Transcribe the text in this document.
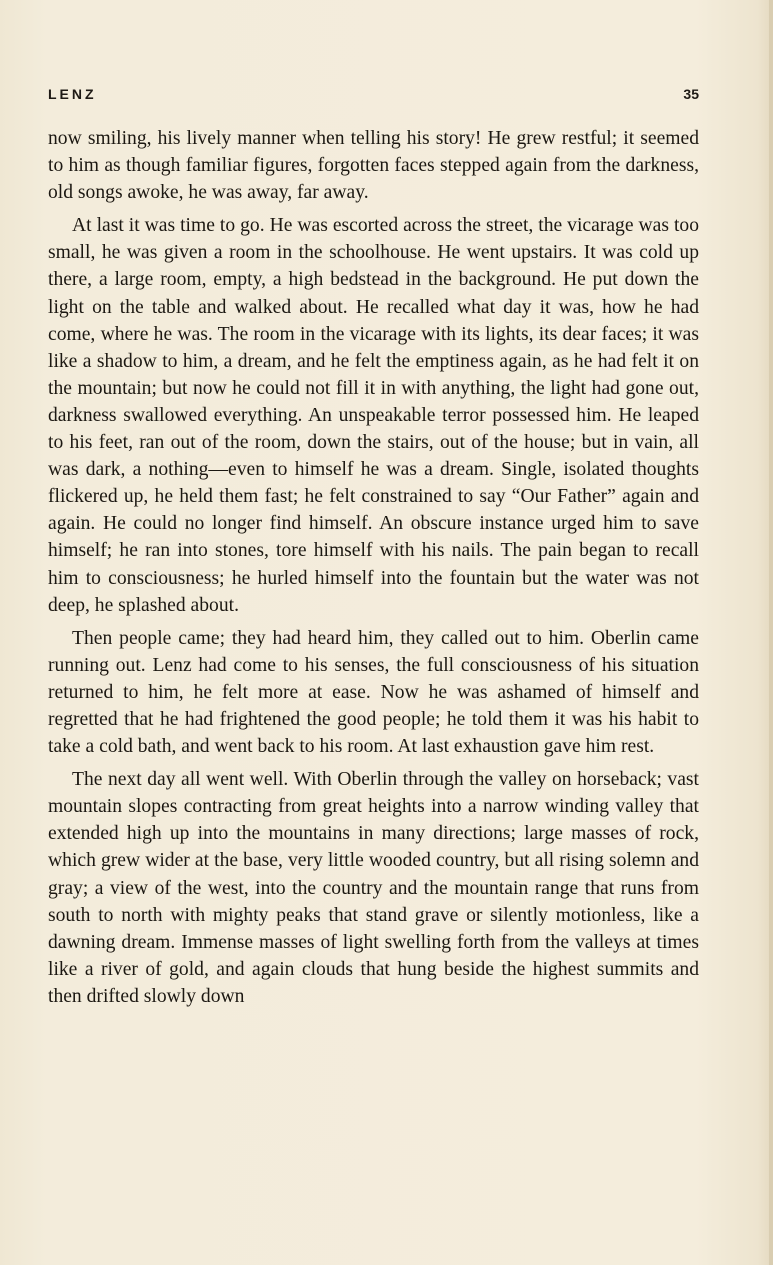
LENZ	35

now smiling, his lively manner when telling his story! He grew restful; it seemed to him as though familiar figures, forgotten faces stepped again from the darkness, old songs awoke, he was away, far away.

At last it was time to go. He was escorted across the street, the vicarage was too small, he was given a room in the schoolhouse. He went upstairs. It was cold up there, a large room, empty, a high bedstead in the background. He put down the light on the table and walked about. He recalled what day it was, how he had come, where he was. The room in the vicarage with its lights, its dear faces; it was like a shadow to him, a dream, and he felt the emptiness again, as he had felt it on the mountain; but now he could not fill it in with anything, the light had gone out, darkness swallowed everything. An unspeakable terror possessed him. He leaped to his feet, ran out of the room, down the stairs, out of the house; but in vain, all was dark, a nothing—even to himself he was a dream. Single, isolated thoughts flickered up, he held them fast; he felt constrained to say “Our Father” again and again. He could no longer find himself. An obscure instance urged him to save himself; he ran into stones, tore himself with his nails. The pain began to recall him to consciousness; he hurled himself into the fountain but the water was not deep, he splashed about.

Then people came; they had heard him, they called out to him. Oberlin came running out. Lenz had come to his senses, the full consciousness of his situation returned to him, he felt more at ease. Now he was ashamed of himself and regretted that he had frightened the good people; he told them it was his habit to take a cold bath, and went back to his room. At last exhaustion gave him rest.

The next day all went well. With Oberlin through the valley on horseback; vast mountain slopes contracting from great heights into a narrow winding valley that extended high up into the mountains in many directions; large masses of rock, which grew wider at the base, very little wooded country, but all rising solemn and gray; a view of the west, into the country and the mountain range that runs from south to north with mighty peaks that stand grave or silently motionless, like a dawning dream. Immense masses of light swelling forth from the valleys at times like a river of gold, and again clouds that hung beside the highest summits and then drifted slowly down
